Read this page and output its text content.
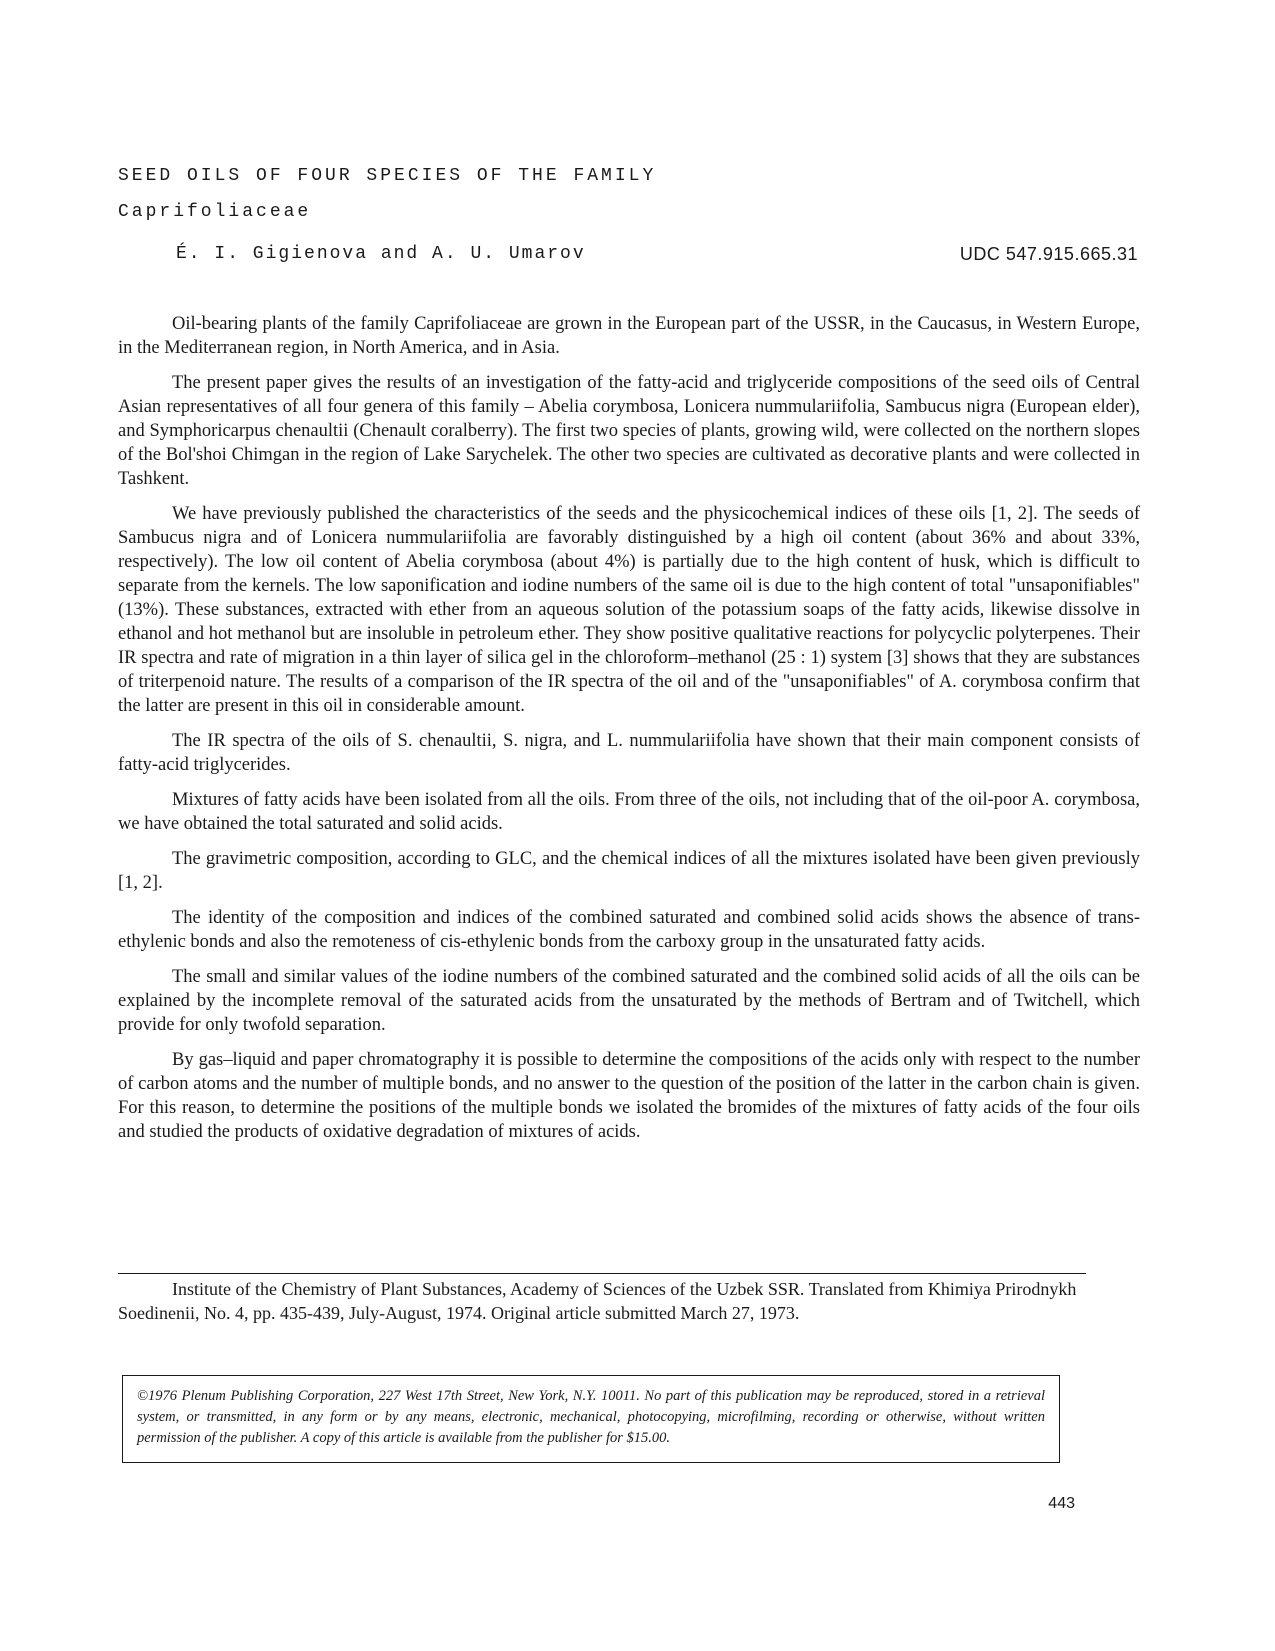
SEED OILS OF FOUR SPECIES OF THE FAMILY
Caprifoliaceae
É. I. Gigienova and A. U. Umarov	UDC 547.915.665.31

Oil-bearing plants of the family Caprifoliaceae are grown in the European part of the USSR, in the Caucasus, in Western Europe, in the Mediterranean region, in North America, and in Asia.

The present paper gives the results of an investigation of the fatty-acid and triglyceride compositions of the seed oils of Central Asian representatives of all four genera of this family – Abelia corymbosa, Lonicera nummulariifolia, Sambucus nigra (European elder), and Symphoricarpus chenaultii (Chenault coralberry). The first two species of plants, growing wild, were collected on the northern slopes of the Bol'shoi Chimgan in the region of Lake Sarychelek. The other two species are cultivated as decorative plants and were collected in Tashkent.

We have previously published the characteristics of the seeds and the physicochemical indices of these oils [1, 2]. The seeds of Sambucus nigra and of Lonicera nummulariifolia are favorably distinguished by a high oil content (about 36% and about 33%, respectively). The low oil content of Abelia corymbosa (about 4%) is partially due to the high content of husk, which is difficult to separate from the kernels. The low saponification and iodine numbers of the same oil is due to the high content of total "unsaponifiables" (13%). These substances, extracted with ether from an aqueous solution of the potassium soaps of the fatty acids, likewise dissolve in ethanol and hot methanol but are insoluble in petroleum ether. They show positive qualitative reactions for polycyclic polyterpenes. Their IR spectra and rate of migration in a thin layer of silica gel in the chloroform–methanol (25 : 1) system [3] shows that they are substances of triterpenoid nature. The results of a comparison of the IR spectra of the oil and of the "unsaponifiables" of A. corymbosa confirm that the latter are present in this oil in considerable amount.

The IR spectra of the oils of S. chenaultii, S. nigra, and L. nummulariifolia have shown that their main component consists of fatty-acid triglycerides.

Mixtures of fatty acids have been isolated from all the oils. From three of the oils, not including that of the oil-poor A. corymbosa, we have obtained the total saturated and solid acids.

The gravimetric composition, according to GLC, and the chemical indices of all the mixtures isolated have been given previously [1, 2].

The identity of the composition and indices of the combined saturated and combined solid acids shows the absence of trans-ethylenic bonds and also the remoteness of cis-ethylenic bonds from the carboxy group in the unsaturated fatty acids.

The small and similar values of the iodine numbers of the combined saturated and the combined solid acids of all the oils can be explained by the incomplete removal of the saturated acids from the unsaturated by the methods of Bertram and of Twitchell, which provide for only twofold separation.

By gas–liquid and paper chromatography it is possible to determine the compositions of the acids only with respect to the number of carbon atoms and the number of multiple bonds, and no answer to the question of the position of the latter in the carbon chain is given. For this reason, to determine the positions of the multiple bonds we isolated the bromides of the mixtures of fatty acids of the four oils and studied the products of oxidative degradation of mixtures of acids.

Institute of the Chemistry of Plant Substances, Academy of Sciences of the Uzbek SSR. Translated from Khimiya Prirodnykh Soedinenii, No. 4, pp. 435-439, July-August, 1974. Original article submitted March 27, 1973.
©1976 Plenum Publishing Corporation, 227 West 17th Street, New York, N.Y. 10011. No part of this publication may be reproduced, stored in a retrieval system, or transmitted, in any form or by any means, electronic, mechanical, photocopying, microfilming, recording or otherwise, without written permission of the publisher. A copy of this article is available from the publisher for $15.00.
443
